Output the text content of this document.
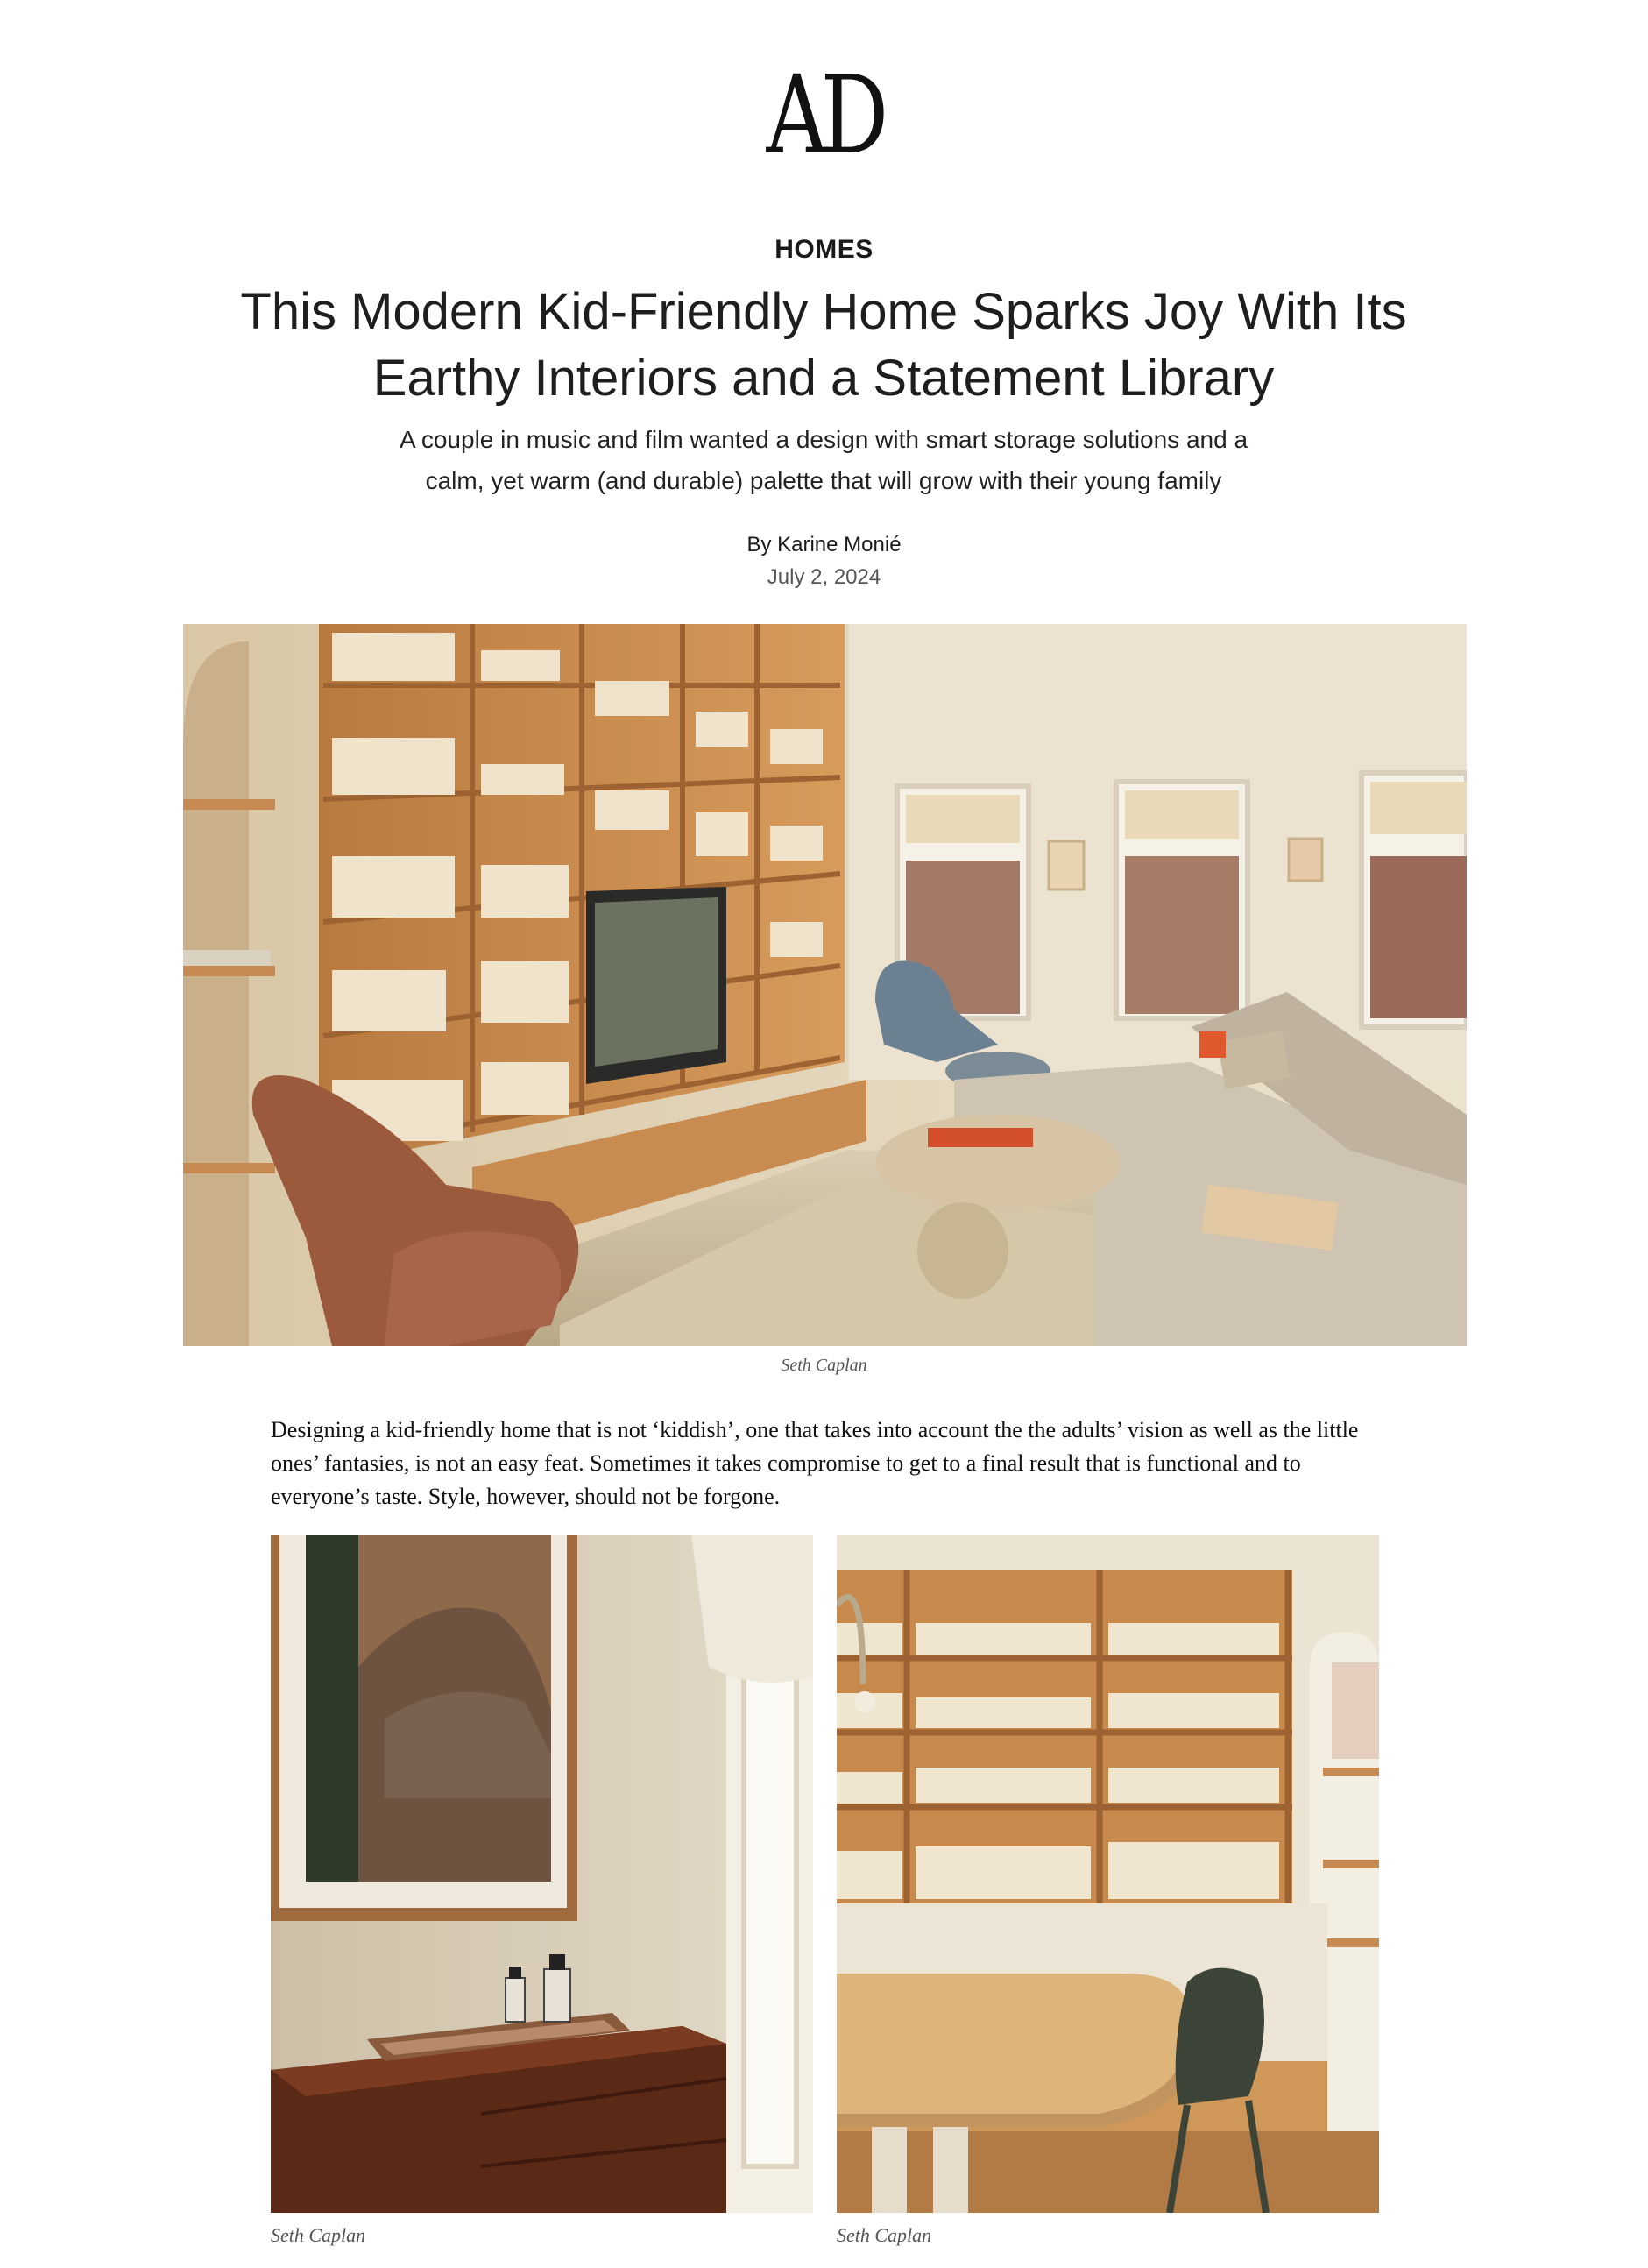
AD
HOMES
This Modern Kid-Friendly Home Sparks Joy With Its Earthy Interiors and a Statement Library
A couple in music and film wanted a design with smart storage solutions and a calm, yet warm (and durable) palette that will grow with their young family
By Karine Monié
July 2, 2024
Seth Caplan

Designing a kid-friendly home that is not ‘kiddish’, one that takes into account the the adults’ vision as well as the little ones’ fantasies, is not an easy feat. Sometimes it takes compromise to get to a final result that is functional and to everyone’s taste. Style, however, should not be forgone.

Seth Caplan	Seth Caplan
